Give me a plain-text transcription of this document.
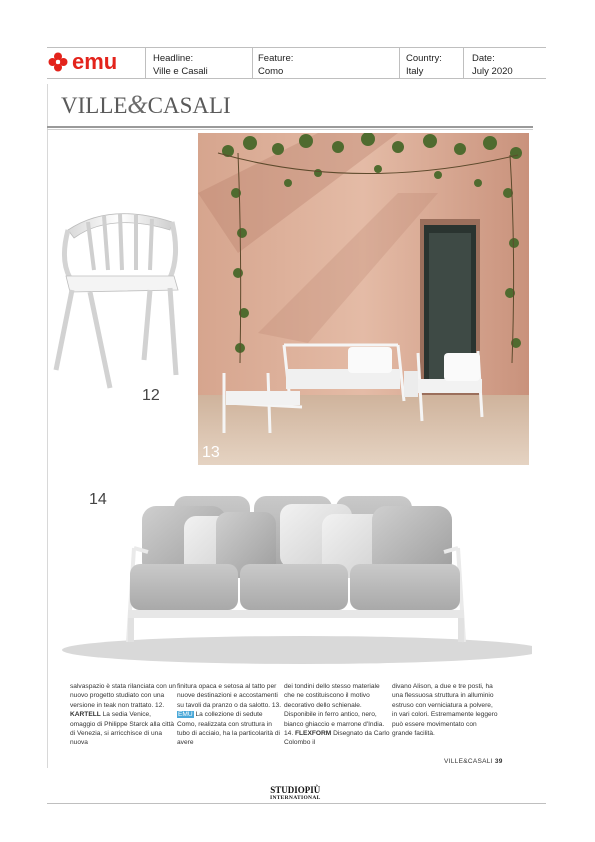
emu	Headline:
Ville e Casali
Feature:
Como
Country:
Italy
Date:
July 2020
VILLE&CASALI
12
13
14
salvaspazio è stata rilanciata con un nuovo progetto studiato con una versione in teak non trattato. 12. KARTELL La sedia Venice, omaggio di Philippe Starck alla città di Venezia, si arricchisce di una nuova
finitura opaca e setosa al tatto per nuove destinazioni e accostamenti su tavoli da pranzo o da salotto. 13. EMU La collezione di sedute Como, realizzata con struttura in tubo di acciaio, ha la particolarità di avere
dei tondini dello stesso materiale che ne costituiscono il motivo decorativo dello schienale. Disponibile in ferro antico, nero, bianco ghiaccio e marrone d'India. 14. FLEXFORM Disegnato da Carlo Colombo il
divano Alison, a due e tre posti, ha una flessuosa struttura in alluminio estruso con verniciatura a polvere, in vari colori. Estremamente leggero può essere movimentato con grande facilità.
VILLE&CASALI 39
STUDIOPIÙ
INTERNATIONAL
